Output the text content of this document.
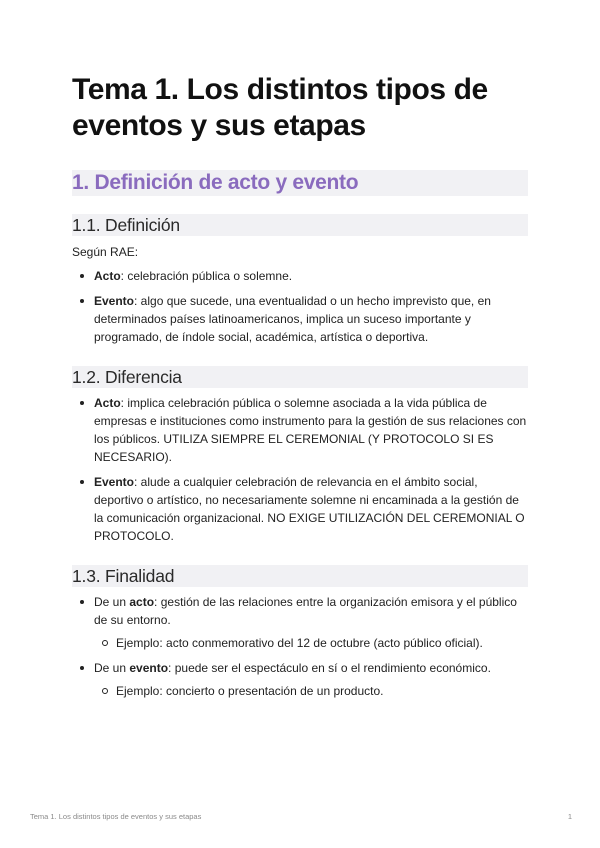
Tema 1. Los distintos tipos de
eventos y sus etapas
1. Definición de acto y evento
1.1. Definición

Según RAE:

Acto: celebración pública o solemne.
Evento: algo que sucede, una eventualidad o un hecho imprevisto que, en determinados países latinoamericanos, implica un suceso importante y programado, de índole social, académica, artística o deportiva.
1.2. Diferencia
Acto: implica celebración pública o solemne asociada a la vida pública de empresas e instituciones como instrumento para la gestión de sus relaciones con los públicos. UTILIZA SIEMPRE EL CEREMONIAL (Y PROTOCOLO SI ES NECESARIO).
Evento: alude a cualquier celebración de relevancia en el ámbito social, deportivo o artístico, no necesariamente solemne ni encaminada a la gestión de la comunicación organizacional. NO EXIGE UTILIZACIÓN DEL CEREMONIAL O PROTOCOLO.
1.3. Finalidad
De un acto: gestión de las relaciones entre la organización emisora y el público de su entorno.
Ejemplo: acto conmemorativo del 12 de octubre (acto público oficial).
De un evento: puede ser el espectáculo en sí o el rendimiento económico.
Ejemplo: concierto o presentación de un producto.
Tema 1. Los distintos tipos de eventos y sus etapas	1
